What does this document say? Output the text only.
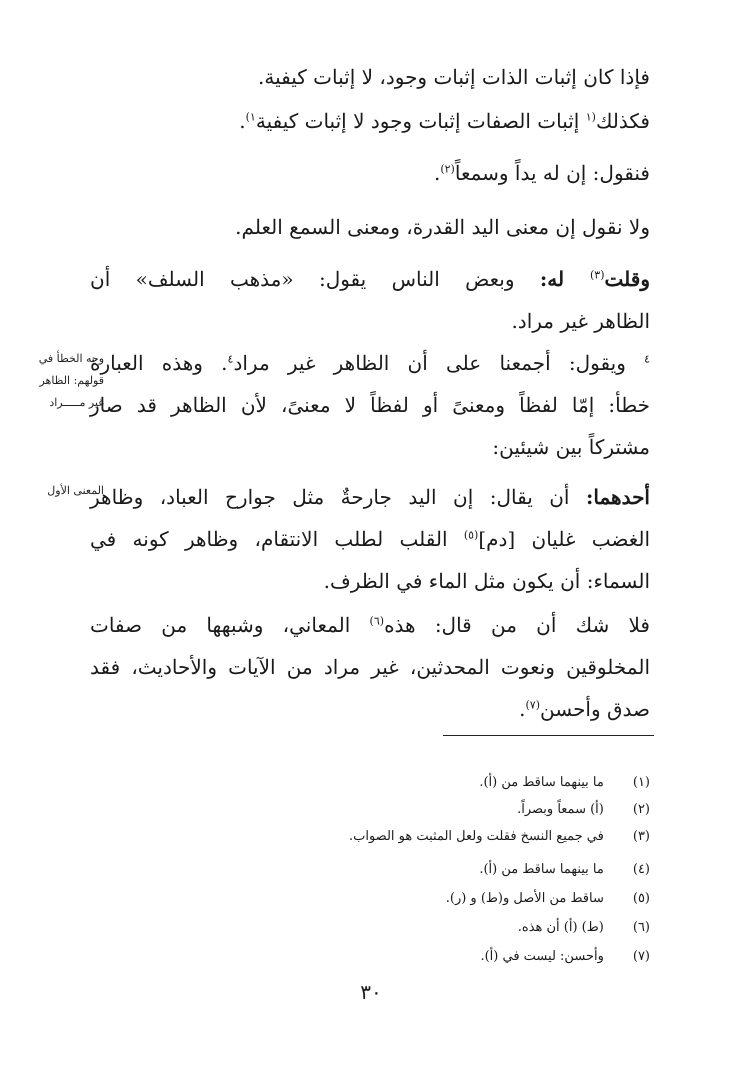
فإذا كان إثبات الذات إثبات وجود، لا إثبات كيفية.
فكذلك$^{(١}$ إثبات الصفات إثبات وجود لا إثبات كيفية$^{١)}$.
فنقول: إن له يداً وسمعاً$^{(٢)}$.
ولا نقول إن معنى اليد القدرة، ومعنى السمع العلم.
وقلت$^{(٣)}$ له: وبعض الناس يقول: «مذهب السلف» أن
الظاهر غير مراد.
$^٤$ ويقول: أجمعنا على أن الظاهر غير مراد$^٤$. وهذه العبارة
خطأ: إمّا لفظاً ومعنىً أو لفظاً لا معنىً، لأن الظاهر قد صار
مشتركاً بين شيئين:
أحدهما: أن يقال: إن اليد جارحةٌ مثل جوارح العباد، وظاهر
الغضب غليان [دم]$^{(٥)}$ القلب لطلب الانتقام، وظاهر كونه في
السماء: أن يكون مثل الماء في الظرف.
فلا شك أن من قال: هذه$^{(٦)}$ المعاني، وشبهها من صفات
المخلوقين ونعوت المحدثين، غير مراد من الآيات والأحاديث، فقد
صدق وأحسن$^{(٧)}$.
وجه الخطأ في
قولهم: الظاهر
غير مـــــراد
المعنى الأول
(١) ما بينهما ساقط من (أ).
(٢) (أ) سمعاً وبصراً.
(٣) في جميع النسخ فقلت ولعل المثبت هو الصواب.
(٤) ما بينهما ساقط من (أ).
(٥) ساقط من الأصل و(ط) و (ر).
(٦) (ط) (أ) أن هذه.
(٧) وأحسن: ليست في (أ).
٣٠
